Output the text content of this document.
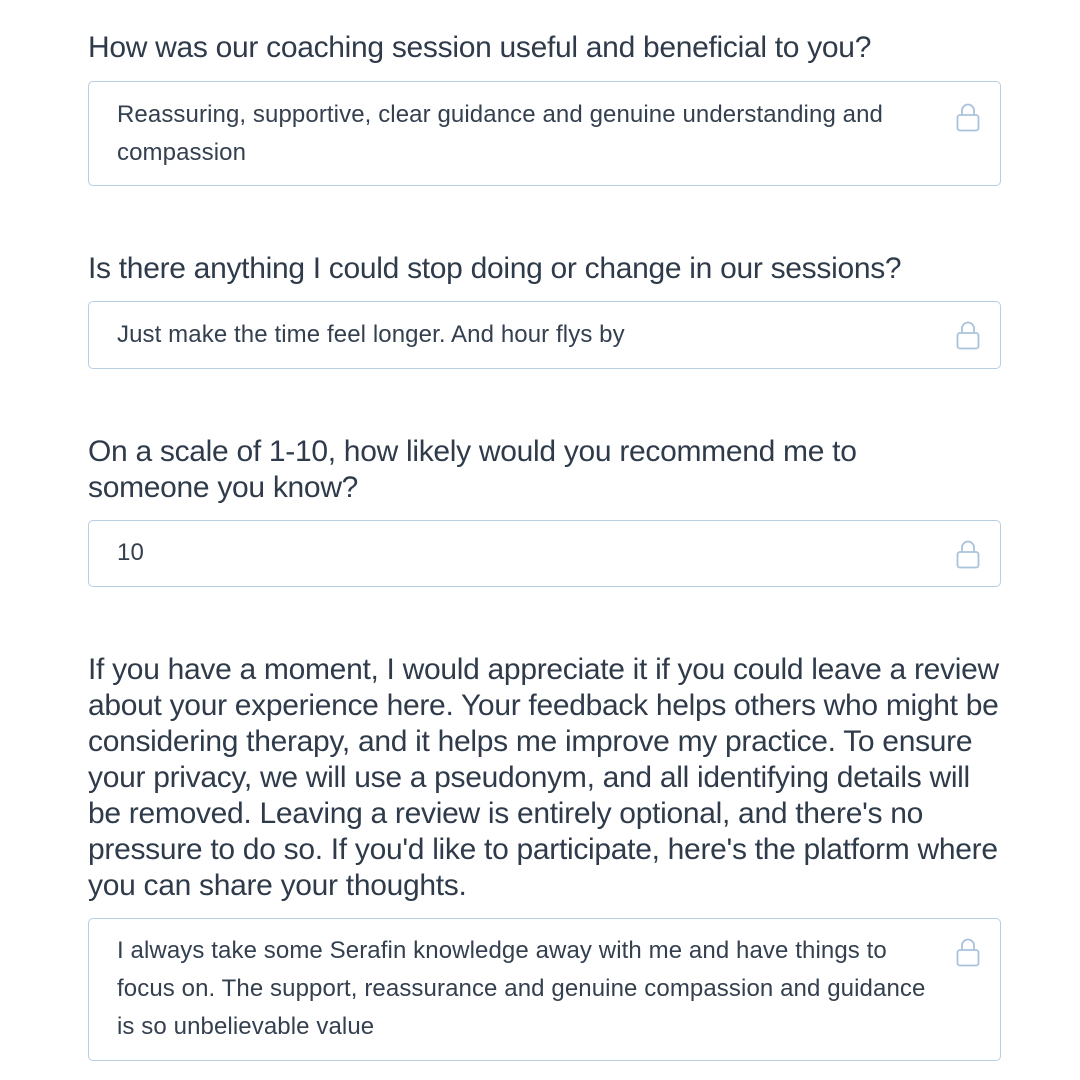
How was our coaching session useful and beneficial to you?
Reassuring, supportive, clear guidance and genuine understanding and compassion
Is there anything I could stop doing or change in our sessions?
Just make the time feel longer. And hour flys by
On a scale of 1-10, how likely would you recommend me to someone you know?
10
If you have a moment, I would appreciate it if you could leave a review about your experience here. Your feedback helps others who might be considering therapy, and it helps me improve my practice. To ensure your privacy, we will use a pseudonym, and all identifying details will be removed. Leaving a review is entirely optional, and there's no pressure to do so. If you'd like to participate, here's the platform where you can share your thoughts.
I always take some Serafin knowledge away with me and have things to focus on. The support, reassurance and genuine compassion and guidance is so unbelievable value
